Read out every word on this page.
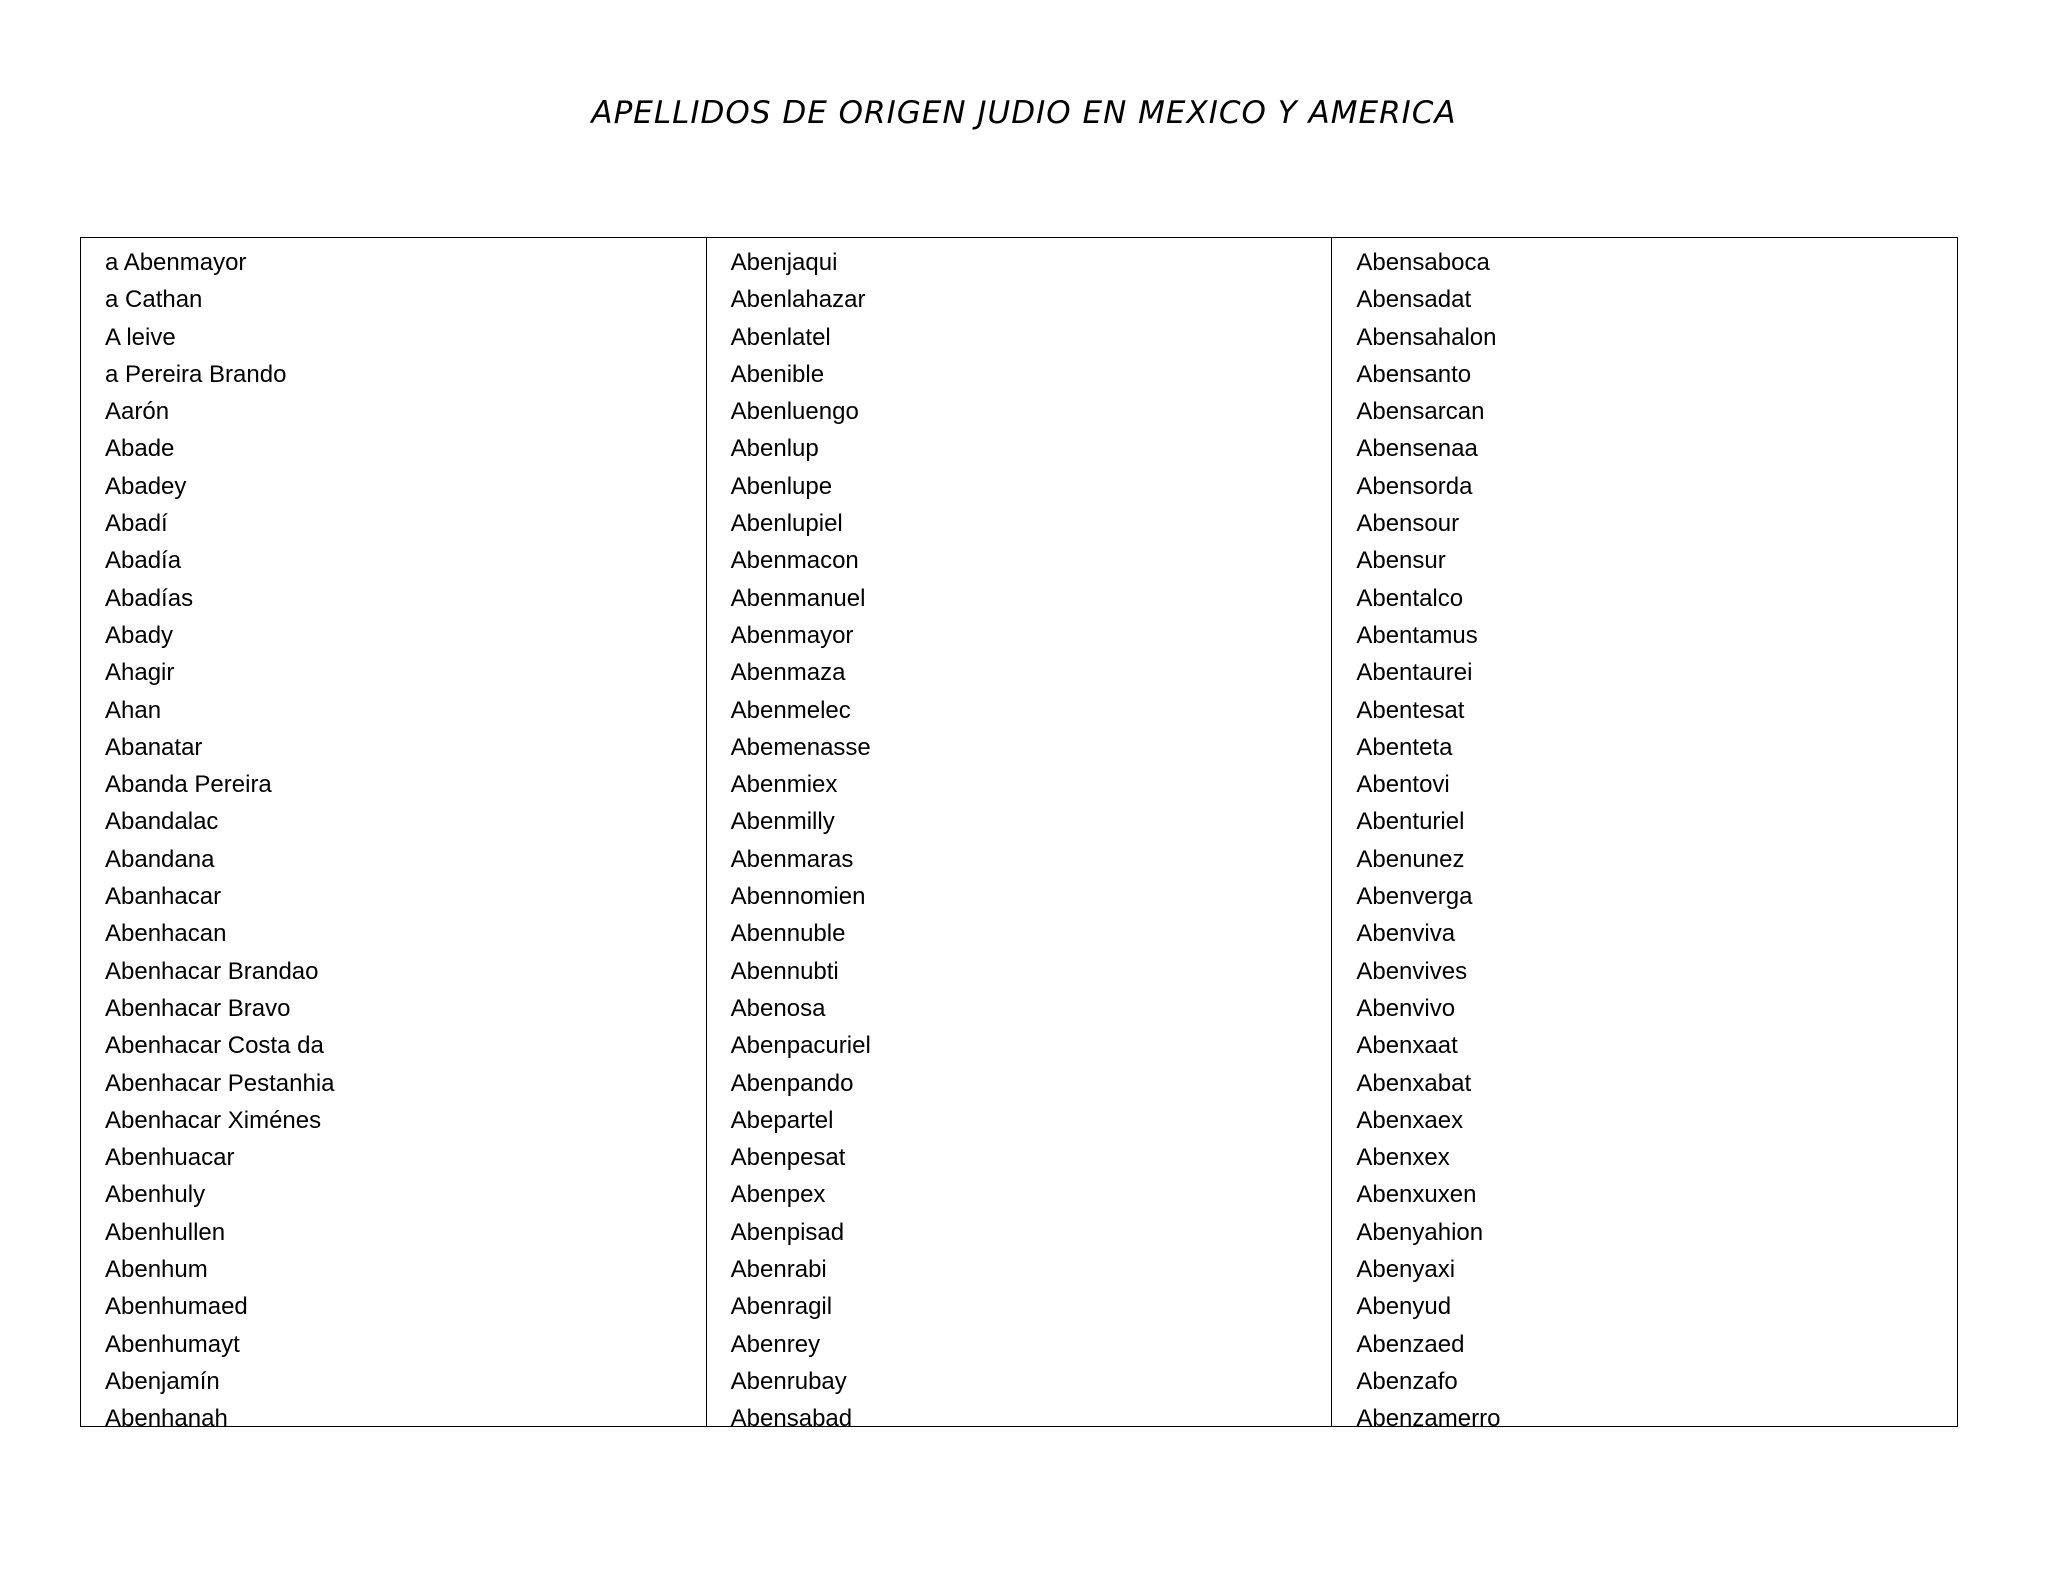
APELLIDOS DE ORIGEN JUDIO EN MEXICO Y AMERICA
a Abenmayor
a Cathan
A leive
a Pereira Brando
Aarón
Abade
Abadey
Abadí
Abadía
Abadías
Abady
Ahagir
Ahan
Abanatar
Abanda Pereira
Abandalac
Abandana
Abanhacar
Abenhacan
Abenhacar Brandao
Abenhacar Bravo
Abenhacar Costa da
Abenhacar Pestanhia
Abenhacar Ximénes
Abenhuacar
Abenhuly
Abenhullen
Abenhum
Abenhumaed
Abenhumayt
Abenjamín
Abenhanah
Abenjaqui
Abenlahazar
Abenlatel
Abenible
Abenluengo
Abenlup
Abenlupe
Abenlupiel
Abenmacon
Abenmanuel
Abenmayor
Abenmaza
Abenmelec
Abemenasse
Abenmiex
Abenmilly
Abenmaras
Abennomien
Abennuble
Abennubti
Abenosa
Abenpacuriel
Abenpando
Abepartel
Abenpesat
Abenpex
Abenpisad
Abenrabi
Abenragil
Abenrey
Abenrubay
Abensabad
Abensaboca
Abensadat
Abensahalon
Abensanto
Abensarcan
Abensenaa
Abensorda
Abensour
Abensur
Abentalco
Abentamus
Abentaurei
Abentesat
Abenteta
Abentovi
Abenturiel
Abenunez
Abenverga
Abenviva
Abenvives
Abenvivo
Abenxaat
Abenxabat
Abenxaex
Abenxex
Abenxuxen
Abenyahion
Abenyaxi
Abenyud
Abenzaed
Abenzafo
Abenzamerro
